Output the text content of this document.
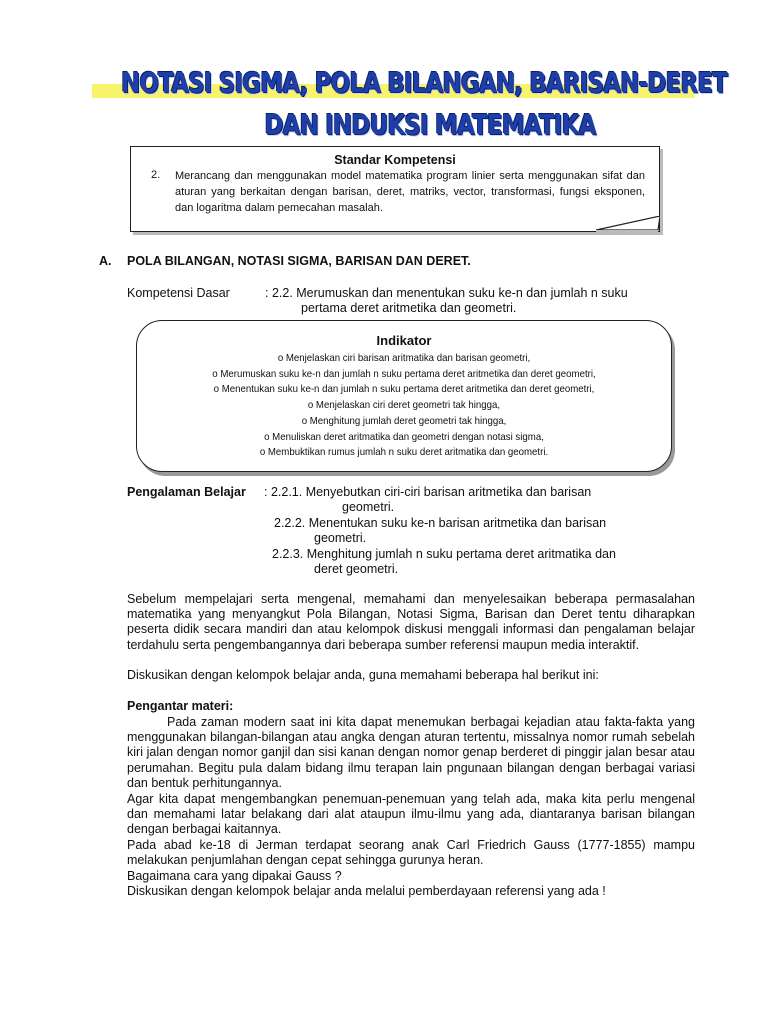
NOTASI SIGMA, POLA BILANGAN, BARISAN-DERET
DAN INDUKSI MATEMATIKA
Standar Kompetensi
2. Merancang dan menggunakan model matematika program linier serta menggunakan sifat dan aturan yang berkaitan dengan barisan, deret, matriks, vector, transformasi, fungsi eksponen, dan logaritma dalam pemecahan masalah.
A. POLA BILANGAN, NOTASI SIGMA, BARISAN DAN DERET.
Kompetensi Dasar	: 2.2. Merumuskan dan menentukan suku ke-n dan jumlah n suku
pertama deret aritmetika dan geometri.
Indikator
o Menjelaskan ciri barisan aritmatika dan barisan geometri,
o Merumuskan suku ke-n dan jumlah n suku pertama deret aritmetika dan deret geometri,
o Menentukan suku ke-n dan jumlah n suku pertama deret aritmetika dan deret geometri,
o Menjelaskan ciri deret geometri tak hingga,
o Menghitung jumlah deret geometri tak hingga,
o Menuliskan deret aritmatika dan geometri dengan notasi sigma,
o Membuktikan rumus jumlah n suku deret aritmatika dan geometri.
Pengalaman Belajar : 2.2.1. Menyebutkan ciri-ciri barisan aritmetika dan barisan
geometri.
2.2.2. Menentukan suku ke-n barisan aritmetika dan barisan
geometri.
2.2.3. Menghitung jumlah n suku pertama deret aritmatika dan
deret geometri.

Sebelum mempelajari serta mengenal, memahami dan menyelesaikan beberapa permasalahan matematika yang menyangkut Pola Bilangan, Notasi Sigma, Barisan dan Deret tentu diharapkan peserta didik secara mandiri dan atau kelompok diskusi menggali informasi dan pengalaman belajar terdahulu serta pengembangannya dari beberapa sumber referensi maupun media interaktif.

Diskusikan dengan kelompok belajar anda, guna memahami beberapa hal berikut ini:

Pengantar materi:

Pada zaman modern saat ini kita dapat menemukan berbagai kejadian atau fakta-fakta yang menggunakan bilangan-bilangan atau angka dengan aturan tertentu, missalnya nomor rumah sebelah kiri jalan dengan nomor ganjil dan sisi kanan dengan nomor genap berderet di pinggir jalan besar atau perumahan. Begitu pula dalam bidang ilmu terapan lain pngunaan bilangan dengan berbagai variasi dan bentuk perhitungannya.

Agar kita dapat mengembangkan penemuan-penemuan yang telah ada, maka kita perlu mengenal dan memahami latar belakang dari alat ataupun ilmu-ilmu yang ada, diantaranya barisan bilangan dengan berbagai kaitannya.

Pada abad ke-18 di Jerman terdapat seorang anak Carl Friedrich Gauss (1777-1855) mampu melakukan penjumlahan dengan cepat sehingga gurunya heran.

Bagaimana cara yang dipakai Gauss ?

Diskusikan dengan kelompok belajar anda melalui pemberdayaan referensi yang ada !
